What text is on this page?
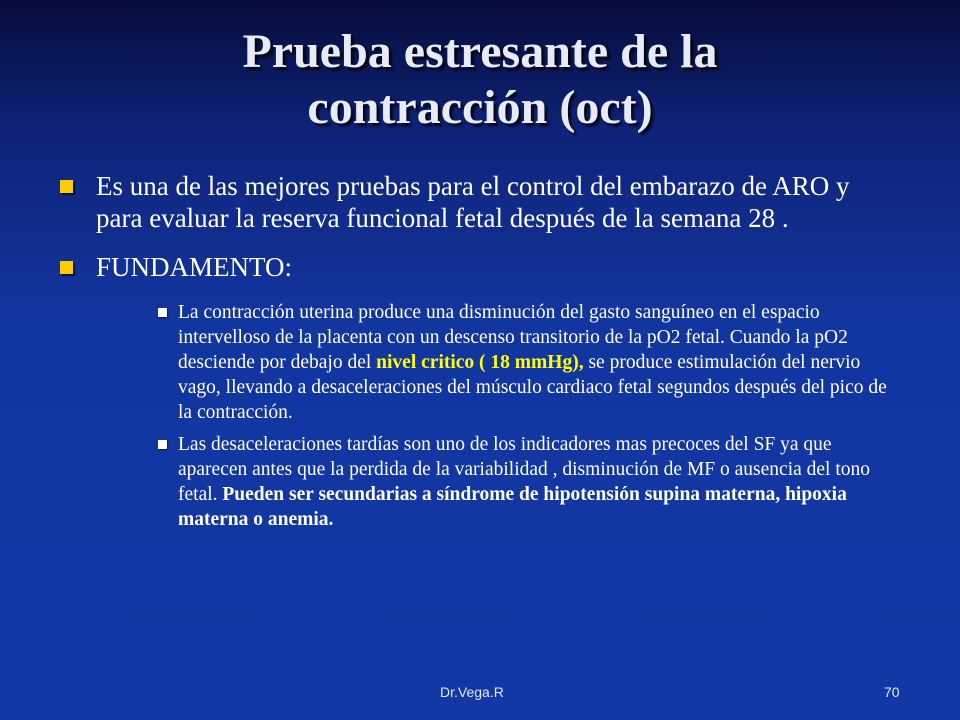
Prueba estresante de la
contracción (oct)
Es una de las mejores pruebas para el control del embarazo de ARO y para evaluar la reserva funcional fetal después de la semana 28 .
FUNDAMENTO:
La contracción uterina produce una disminución del gasto sanguíneo en el espacio intervelloso de la placenta con un descenso transitorio de la pO2 fetal. Cuando la pO2 desciende por debajo del nivel critico ( 18 mmHg), se produce estimulación del nervio vago, llevando a desaceleraciones del músculo cardiaco fetal segundos después del pico de la contracción.
Las desaceleraciones tardías son uno de los indicadores mas precoces del SF ya que aparecen antes que la perdida de la variabilidad , disminución de MF o ausencia del tono fetal. Pueden ser secundarias a síndrome de hipotensión supina materna, hipoxia materna o anemia.
Dr.Vega.R	70
